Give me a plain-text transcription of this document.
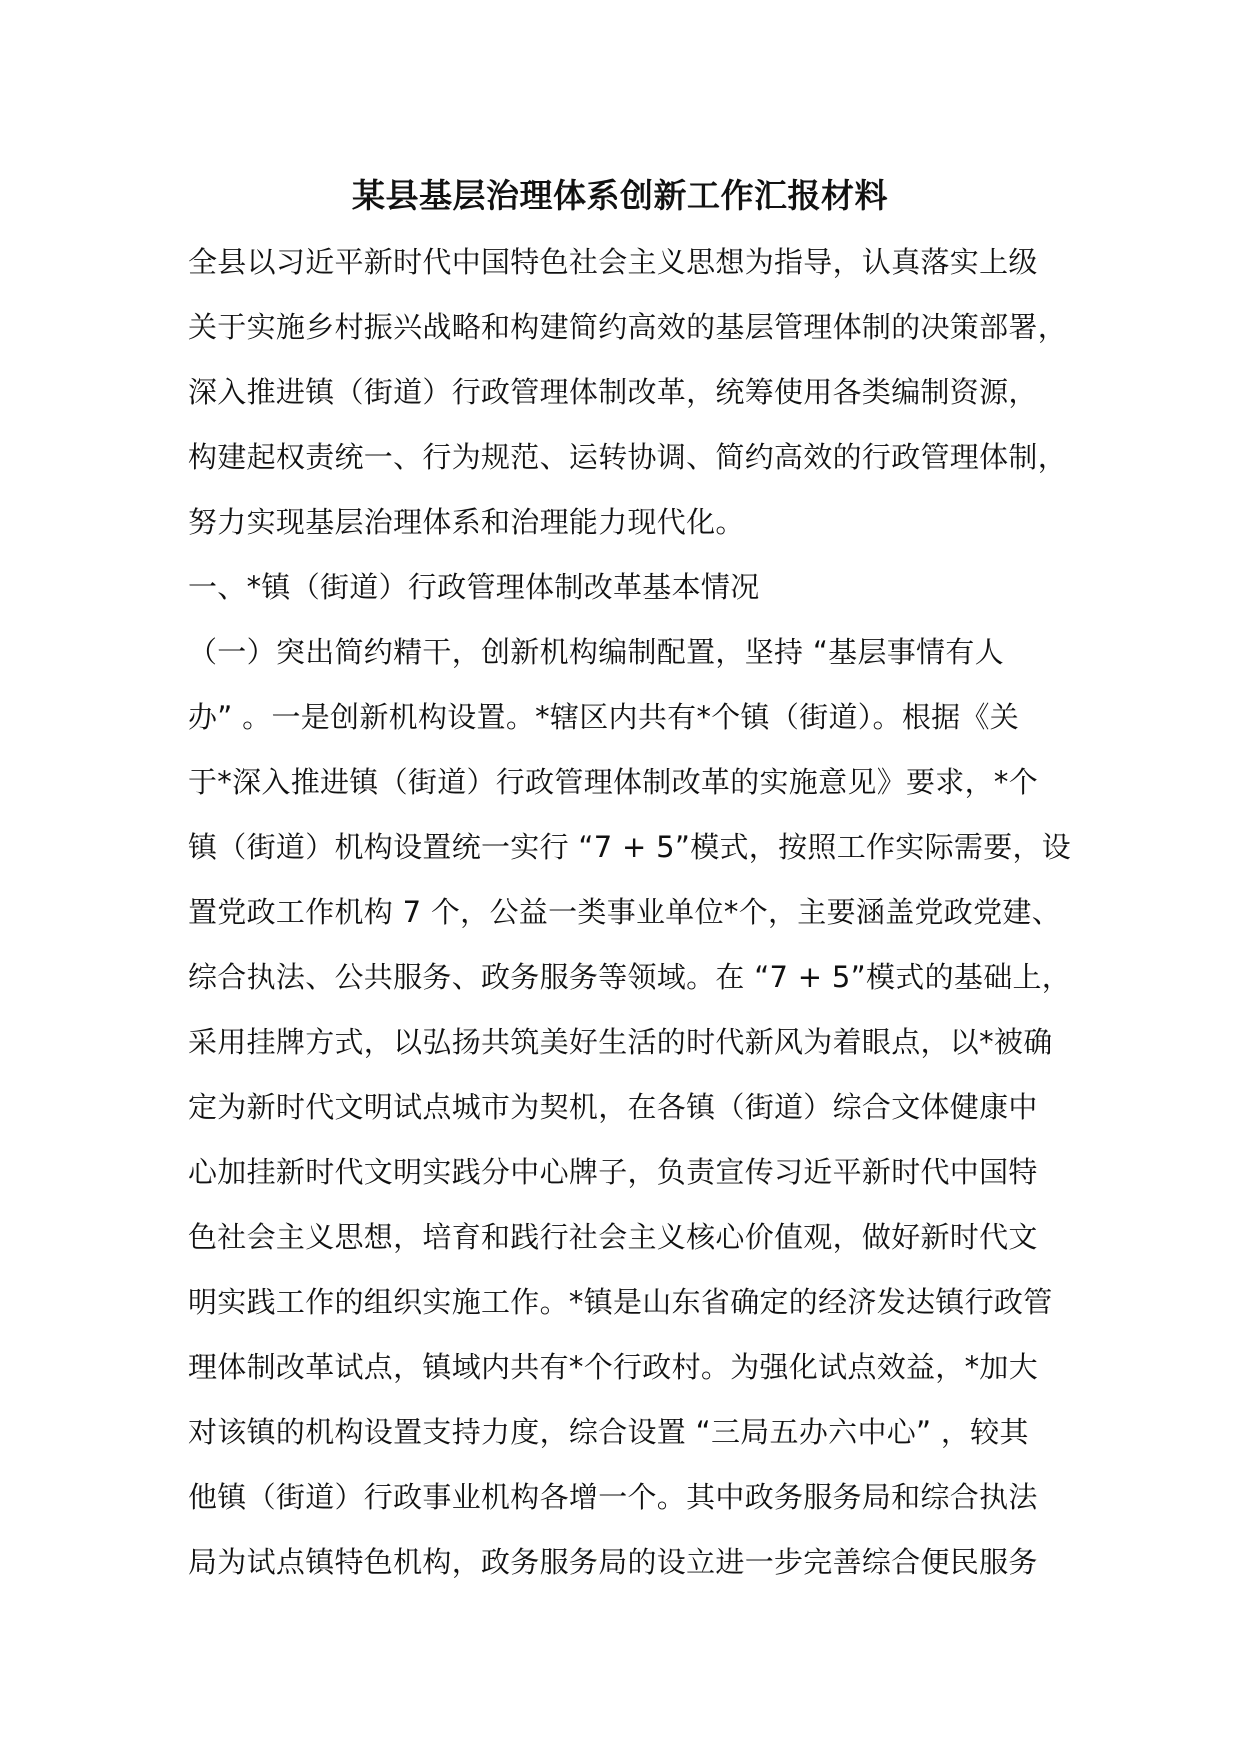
某县基层治理体系创新工作汇报材料
全县以习近平新时代中国特色社会主义思想为指导，认真落实上级
关于实施乡村振兴战略和构建简约高效的基层管理体制的决策部署，
深入推进镇（街道）行政管理体制改革，统筹使用各类编制资源，
构建起权责统一、行为规范、运转协调、简约高效的行政管理体制，
努力实现基层治理体系和治理能力现代化。
一、*镇（街道）行政管理体制改革基本情况
（一）突出简约精干，创新机构编制配置，坚持 “基层事情有人
办” 。一是创新机构设置。*辖区内共有*个镇（街道）。根据《关
于*深入推进镇（街道）行政管理体制改革的实施意见》要求，*个
镇（街道）机构设置统一实行 “7 + 5”模式，按照工作实际需要，设
置党政工作机构 7 个，公益一类事业单位*个，主要涵盖党政党建、
综合执法、公共服务、政务服务等领域。在 “7 + 5”模式的基础上，
采用挂牌方式，以弘扬共筑美好生活的时代新风为着眼点，以*被确
定为新时代文明试点城市为契机，在各镇（街道）综合文体健康中
心加挂新时代文明实践分中心牌子，负责宣传习近平新时代中国特
色社会主义思想，培育和践行社会主义核心价值观，做好新时代文
明实践工作的组织实施工作。*镇是山东省确定的经济发达镇行政管
理体制改革试点，镇域内共有*个行政村。为强化试点效益，*加大
对该镇的机构设置支持力度，综合设置 “三局五办六中心” ，较其
他镇（街道）行政事业机构各增一个。其中政务服务局和综合执法
局为试点镇特色机构，政务服务局的设立进一步完善综合便民服务
